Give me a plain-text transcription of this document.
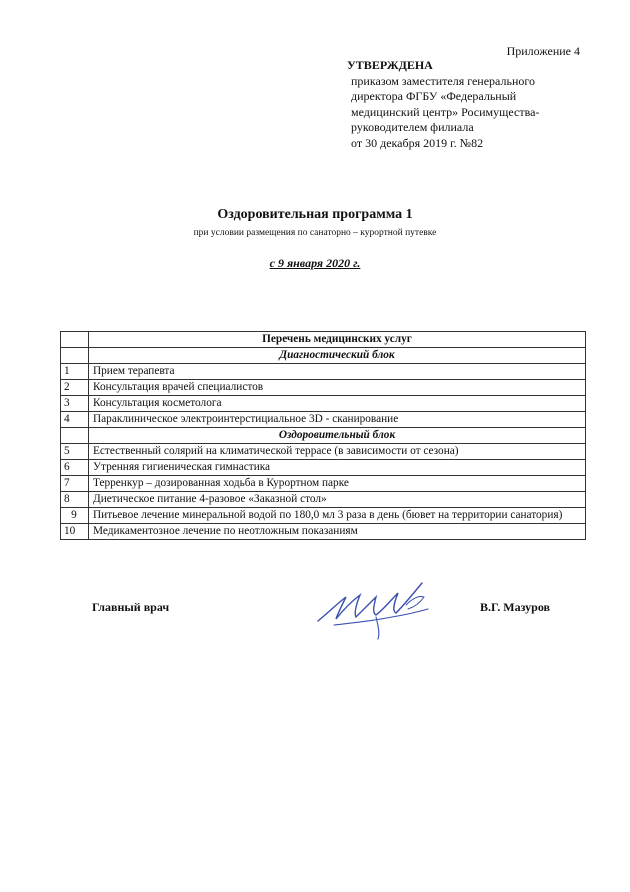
Приложение 4
УТВЕРЖДЕНА
приказом заместителя генерального
директора ФГБУ «Федеральный
медицинский центр» Росимущества-
руководителем филиала
от 30 декабря 2019 г. №82
Оздоровительная программа 1
при условии размещения по санаторно – курортной путевке
с 9 января 2020 г.
	Перечень медицинских услуг
	Диагностический блок
1	Прием терапевта
2	Консультация врачей специалистов
3	Консультация косметолога
4	Параклиническое электроинтерстициальное 3D - сканирование
	Оздоровительный блок
5	Естественный солярий на климатической террасе (в зависимости от сезона)
6	Утренняя гигиеническая гимнастика
7	Терренкур – дозированная ходьба в Курортном парке
8	Диетическое питание 4-разовое «Заказной стол»
9	Питьевое лечение минеральной водой по 180,0 мл 3 раза в день (бювет на территории санатория)
10	Медикаментозное лечение по неотложным показаниям
Главный врач	В.Г. Мазуров
